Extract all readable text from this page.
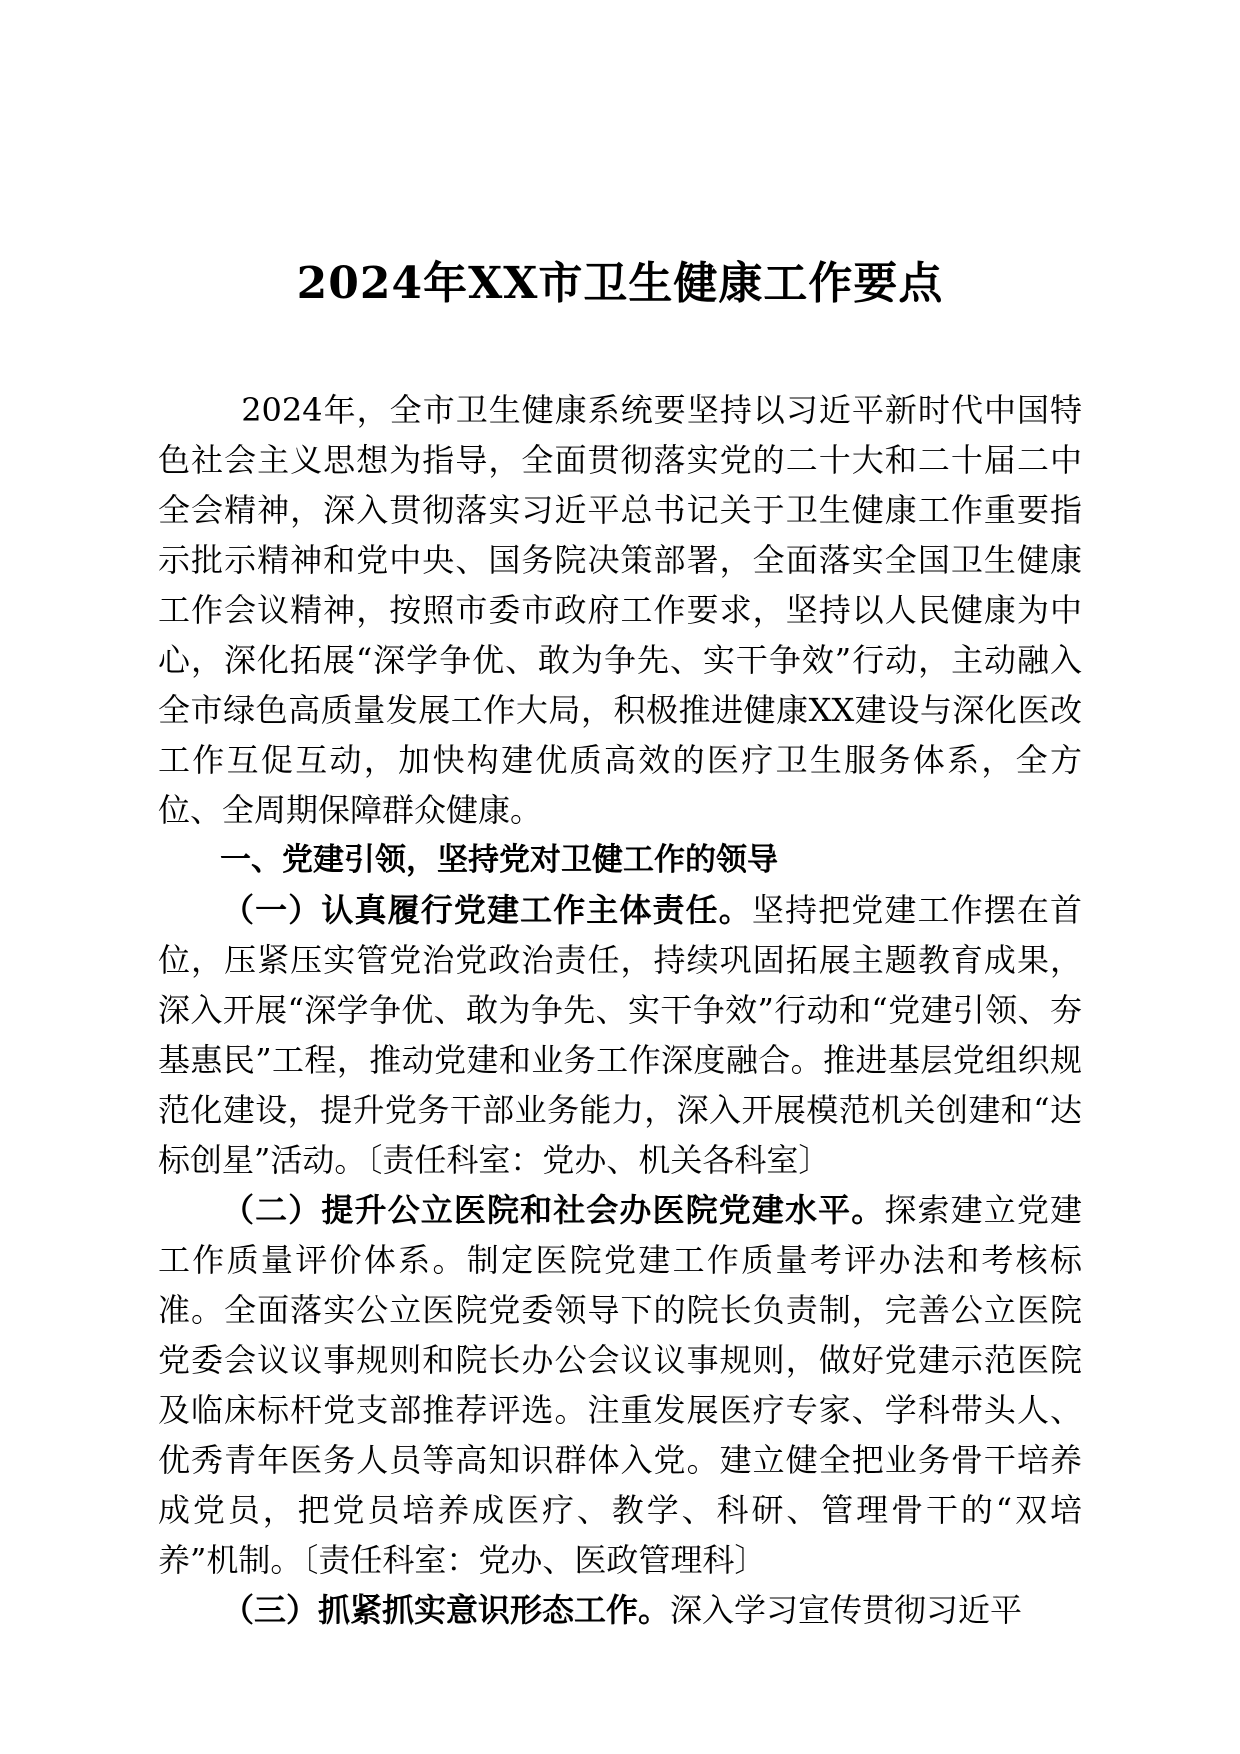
2024年XX市卫生健康工作要点

2024年，全市卫生健康系统要坚持以习近平新时代中国特色社会主义思想为指导，全面贯彻落实党的二十大和二十届二中全会精神，深入贯彻落实习近平总书记关于卫生健康工作重要指示批示精神和党中央、国务院决策部署，全面落实全国卫生健康工作会议精神，按照市委市政府工作要求，坚持以人民健康为中心，深化拓展“深学争优、敢为争先、实干争效”行动，主动融入全市绿色高质量发展工作大局，积极推进健康XX建设与深化医改工作互促互动，加快构建优质高效的医疗卫生服务体系，全方位、全周期保障群众健康。

一、党建引领，坚持党对卫健工作的领导

（一）认真履行党建工作主体责任。坚持把党建工作摆在首位，压紧压实管党治党政治责任，持续巩固拓展主题教育成果，深入开展“深学争优、敢为争先、实干争效”行动和“党建引领、夯基惠民”工程，推动党建和业务工作深度融合。推进基层党组织规范化建设，提升党务干部业务能力，深入开展模范机关创建和“达标创星”活动。〔责任科室：党办、机关各科室〕

（二）提升公立医院和社会办医院党建水平。探索建立党建工作质量评价体系。制定医院党建工作质量考评办法和考核标准。全面落实公立医院党委领导下的院长负责制，完善公立医院党委会议议事规则和院长办公会议议事规则，做好党建示范医院及临床标杆党支部推荐评选。注重发展医疗专家、学科带头人、优秀青年医务人员等高知识群体入党。建立健全把业务骨干培养成党员，把党员培养成医疗、教学、科研、管理骨干的“双培养”机制。〔责任科室：党办、医政管理科〕

（三）抓紧抓实意识形态工作。深入学习宣传贯彻习近平
